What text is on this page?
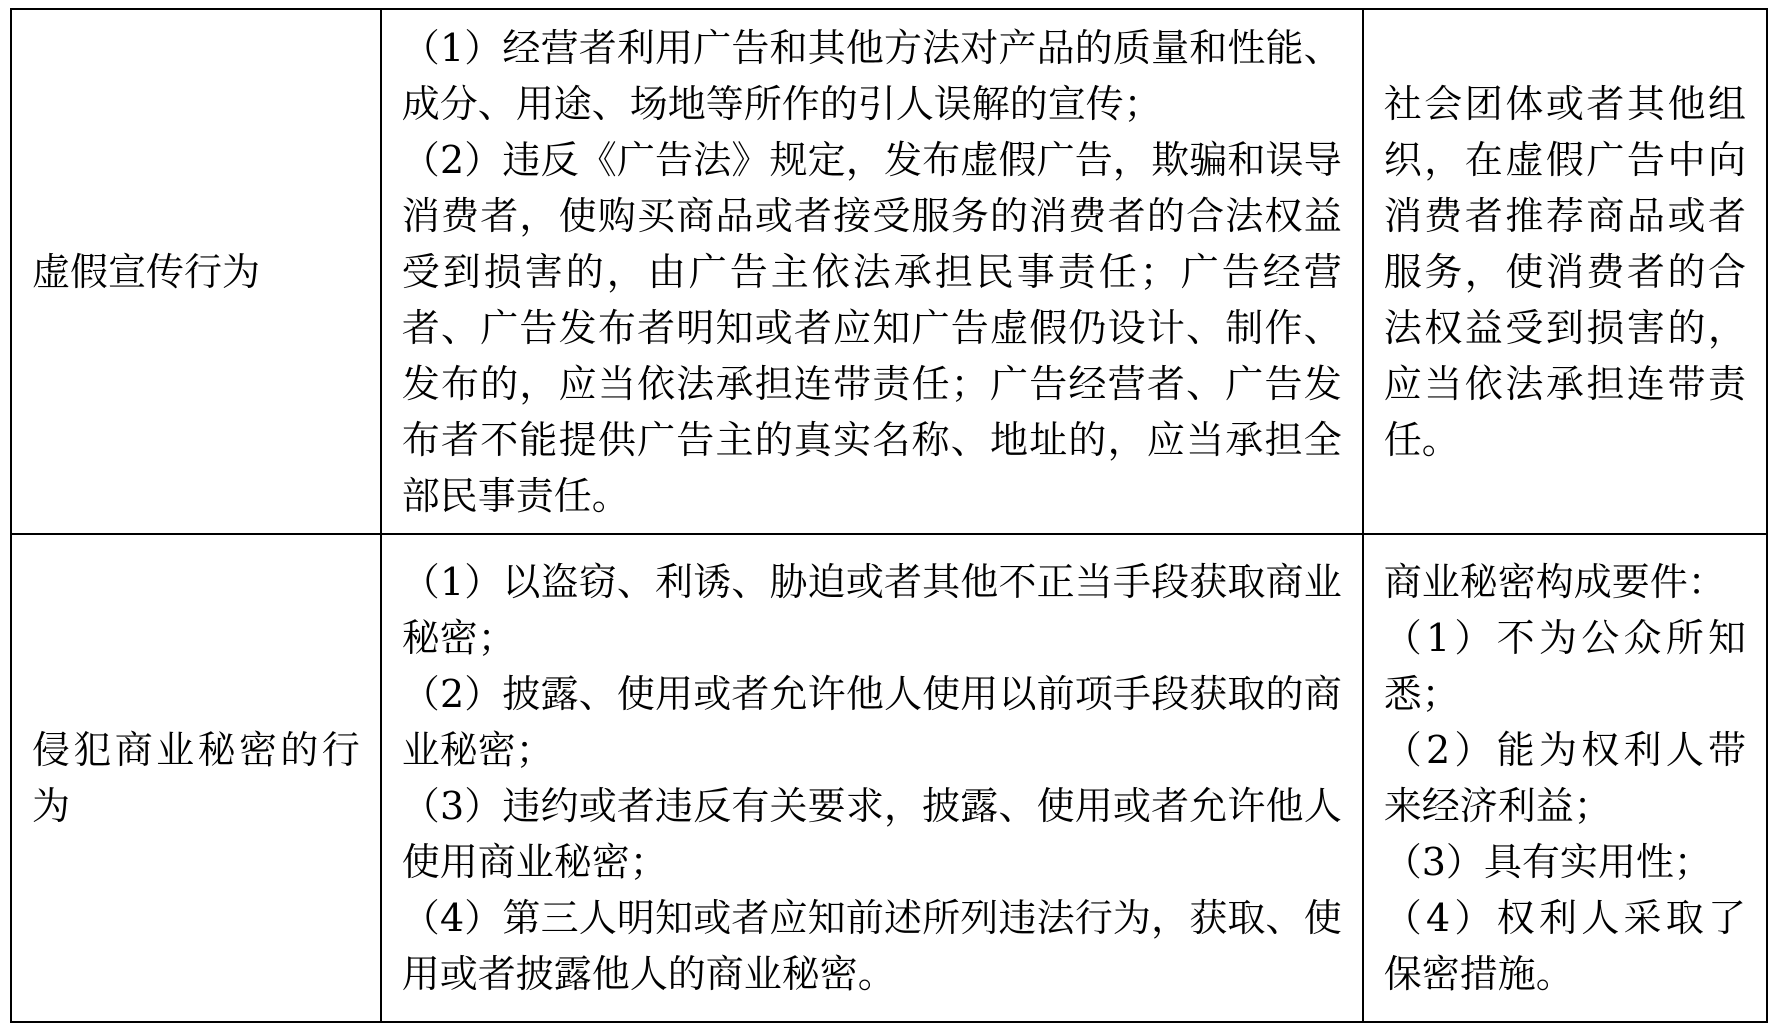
虚假宣传行为	（1）经营者利用广告和其他方法对产品的质量和性能、成分、用途、场地等所作的引人误解的宣传；
（2）违反《广告法》规定，发布虚假广告，欺骗和误导消费者，使购买商品或者接受服务的消费者的合法权益受到损害的，由广告主依法承担民事责任；广告经营者、广告发布者明知或者应知广告虚假仍设计、制作、发布的，应当依法承担连带责任；广告经营者、广告发布者不能提供广告主的真实名称、地址的，应当承担全部民事责任。	社会团体或者其他组织，在虚假广告中向消费者推荐商品或者服务，使消费者的合法权益受到损害的，应当依法承担连带责任。

侵犯商业秘密的行为	（1）以盗窃、利诱、胁迫或者其他不正当手段获取商业秘密；
（2）披露、使用或者允许他人使用以前项手段获取的商业秘密；
（3）违约或者违反有关要求，披露、使用或者允许他人使用商业秘密；
（4）第三人明知或者应知前述所列违法行为，获取、使用或者披露他人的商业秘密。	商业秘密构成要件：
（1）不为公众所知悉；
（2）能为权利人带来经济利益；
（3）具有实用性；
（4）权利人采取了保密措施。
